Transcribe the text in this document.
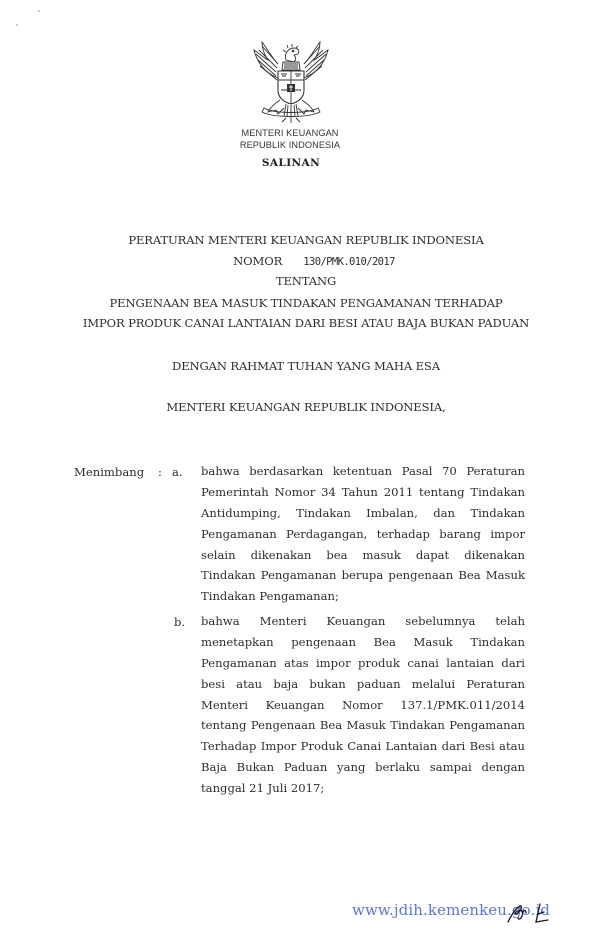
MENTERI KEUANGAN
REPUBLIK INDONESIA
SALINAN
PERATURAN MENTERI KEUANGAN REPUBLIK INDONESIA
NOMOR 130/PMK.010/2017
TENTANG
PENGENAAN BEA MASUK TINDAKAN PENGAMANAN TERHADAP
IMPOR PRODUK CANAI LANTAIAN DARI BESI ATAU BAJA BUKAN PADUAN
DENGAN RAHMAT TUHAN YANG MAHA ESA
MENTERI KEUANGAN REPUBLIK INDONESIA,
Menimbang : a. bahwa berdasarkan ketentuan Pasal 70 Peraturan
Pemerintah Nomor 34 Tahun 2011 tentang Tindakan
Antidumping, Tindakan Imbalan, dan Tindakan
Pengamanan Perdagangan, terhadap barang impor
selain dikenakan bea masuk dapat dikenakan
Tindakan Pengamanan berupa pengenaan Bea Masuk
Tindakan Pengamanan;
b. bahwa Menteri Keuangan sebelumnya telah
menetapkan pengenaan Bea Masuk Tindakan
Pengamanan atas impor produk canai lantaian dari
besi atau baja bukan paduan melalui Peraturan
Menteri Keuangan Nomor 137.1/PMK.011/2014
tentang Pengenaan Bea Masuk Tindakan Pengamanan
Terhadap Impor Produk Canai Lantaian dari Besi atau
Baja Bukan Paduan yang berlaku sampai dengan
tanggal 21 Juli 2017;
www.jdih.kemenkeu.go.id
